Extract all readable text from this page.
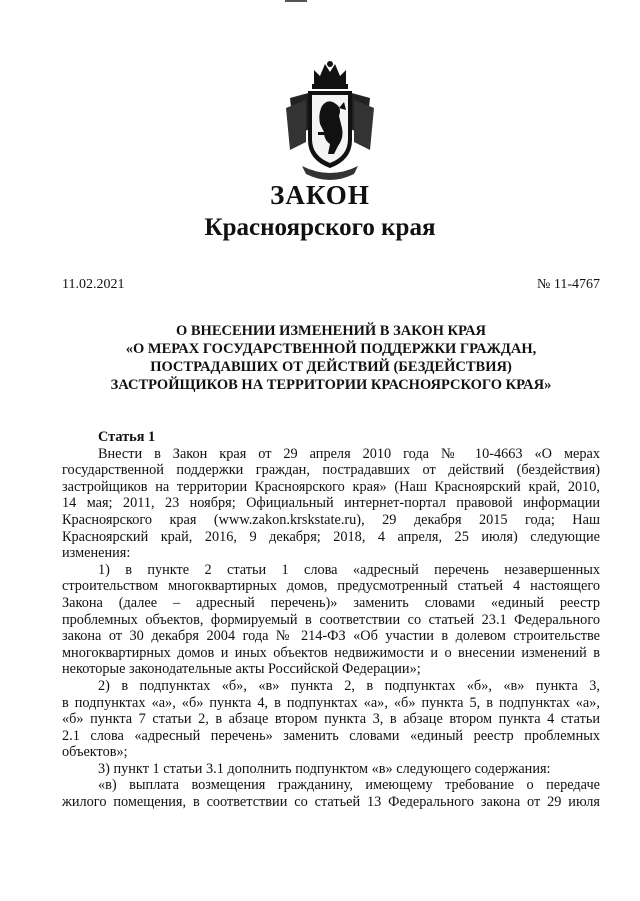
ЗАКОН
Красноярского края
11.02.2021	№ 11-4767
О ВНЕСЕНИИ ИЗМЕНЕНИЙ В ЗАКОН КРАЯ
«О МЕРАХ ГОСУДАРСТВЕННОЙ ПОДДЕРЖКИ ГРАЖДАН,
ПОСТРАДАВШИХ ОТ ДЕЙСТВИЙ (БЕЗДЕЙСТВИЯ)
ЗАСТРОЙЩИКОВ НА ТЕРРИТОРИИ КРАСНОЯРСКОГО КРАЯ»
Статья 1
Внести в Закон края от 29 апреля 2010 года № 10-4663 «О мерах
государственной поддержки граждан, пострадавших от действий (бездействия)
застройщиков на территории Красноярского края» (Наш Красноярский край, 2010,
14 мая; 2011, 23 ноября; Официальный интернет-портал правовой информации
Красноярского края (www.zakon.krskstate.ru), 29 декабря 2015 года; Наш
Красноярский край, 2016, 9 декабря; 2018, 4 апреля, 25 июля) следующие
изменения:
1) в пункте 2 статьи 1 слова «адресный перечень незавершенных
строительством многоквартирных домов, предусмотренный статьей 4 настоящего
Закона (далее – адресный перечень)» заменить словами «единый реестр
проблемных объектов, формируемый в соответствии со статьей 23.1 Федерального
закона от 30 декабря 2004 года № 214-ФЗ «Об участии в долевом строительстве
многоквартирных домов и иных объектов недвижимости и о внесении изменений в
некоторые законодательные акты Российской Федерации»;
2) в подпунктах «б», «в» пункта 2, в подпунктах «б», «в» пункта 3,
в подпунктах «а», «б» пункта 4, в подпунктах «а», «б» пункта 5, в подпунктах «а»,
«б» пункта 7 статьи 2, в абзаце втором пункта 3, в абзаце втором пункта 4 статьи
2.1 слова «адресный перечень» заменить словами «единый реестр проблемных
объектов»;
3) пункт 1 статьи 3.1 дополнить подпунктом «в» следующего содержания:
«в) выплата возмещения гражданину, имеющему требование о передаче
жилого помещения, в соответствии со статьей 13 Федерального закона от 29 июля
